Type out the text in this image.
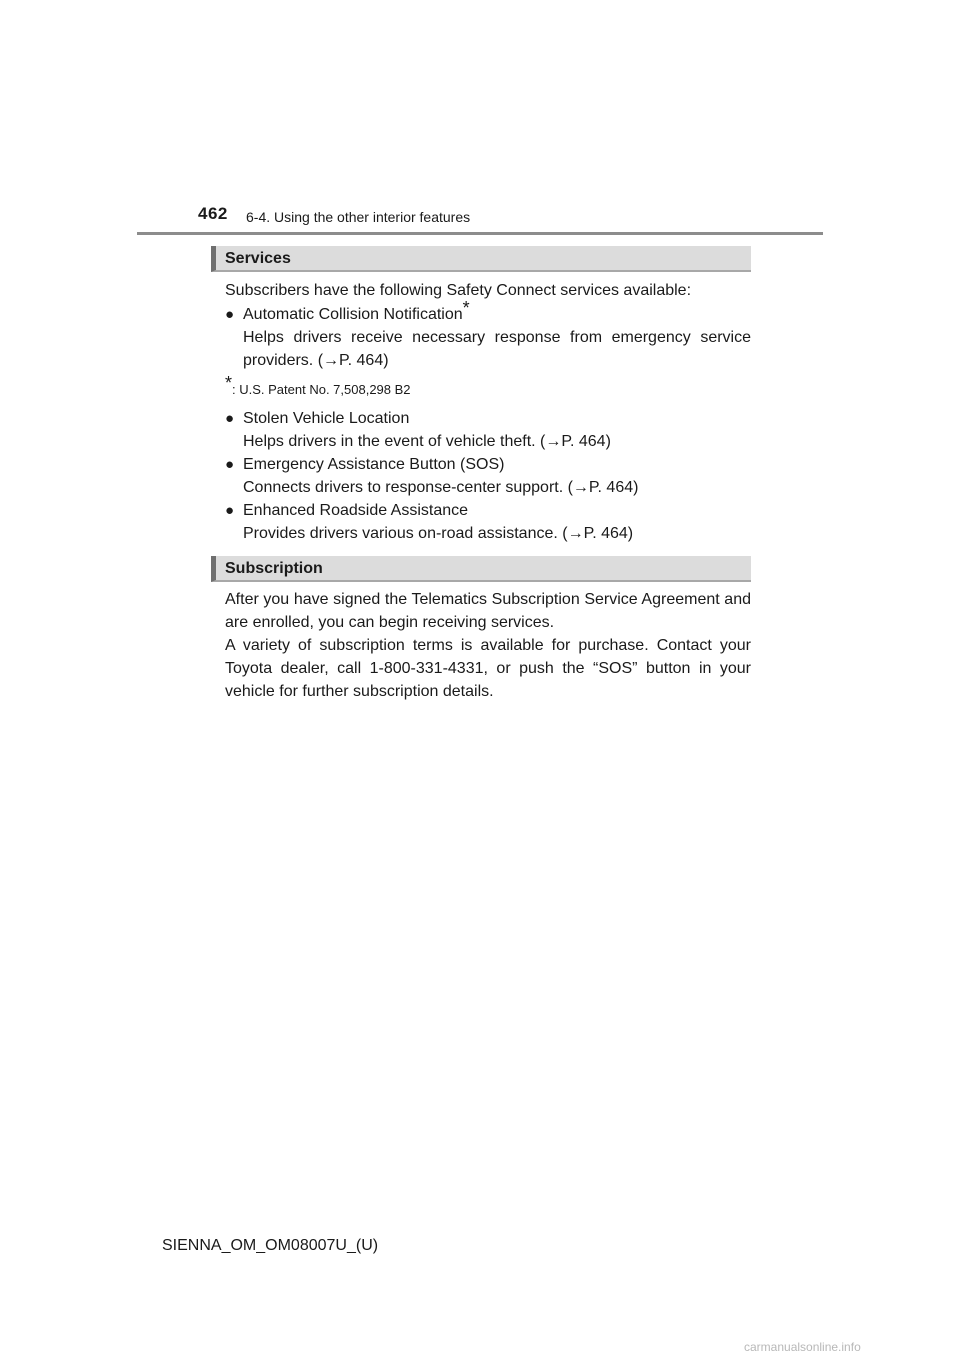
462 6-4. Using the other interior features
Services

Subscribers have the following Safety Connect services available:

● Automatic Collision Notification*

Helps drivers receive necessary response from emergency service providers. (→P. 464)

*: U.S. Patent No. 7,508,298 B2
● Stolen Vehicle Location

Helps drivers in the event of vehicle theft. (→P. 464)

● Emergency Assistance Button (SOS)

Connects drivers to response-center support. (→P. 464)

● Enhanced Roadside Assistance

Provides drivers various on-road assistance. (→P. 464)

Subscription

After you have signed the Telematics Subscription Service Agreement and are enrolled, you can begin receiving services.

A variety of subscription terms is available for purchase. Contact your Toyota dealer, call 1-800-331-4331, or push the “SOS” button in your vehicle for further subscription details.

SIENNA_OM_OM08007U_(U)
carmanualsonline.info
